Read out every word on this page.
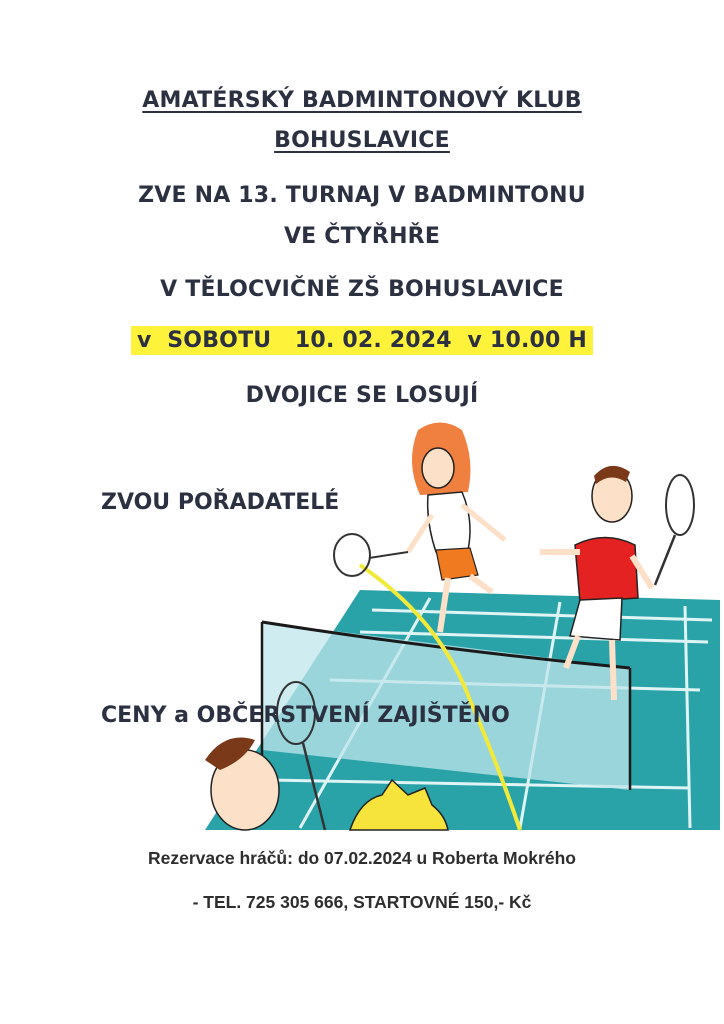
AMATÉRSKÝ BADMINTONOVÝ KLUB
BOHUSLAVICE
ZVE NA 13. TURNAJ V BADMINTONU
VE ČTYŘHŘE
V TĚLOCVIČNĚ ZŠ BOHUSLAVICE
v  SOBOTU   10. 02. 2024  v 10.00 H
DVOJICE SE LOSUJÍ
ZVOU POŘADATELÉ
CENY a OBČERSTVENÍ ZAJIŠTĚNO
Rezervace hráčů: do 07.02.2024 u Roberta Mokrého
- TEL. 725 305 666, STARTOVNÉ 150,- Kč
